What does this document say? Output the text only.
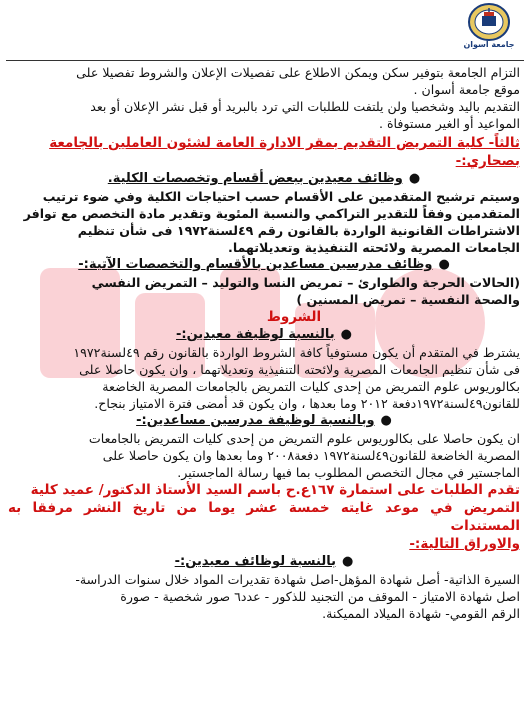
جامعة أسوان

التزام الجامعة بتوفير سكن ويمكن الاطلاع على تفصيلات الإعلان والشروط تفصيلا على

موقع جامعة أسوان .

التقديم باليد وشخصيا ولن يلتفت للطلبات التي ترد بالبريد أو قبل نشر الإعلان أو بعد

المواعيد أو الغير مستوفاة .

ثالثاً- كلية التمريض التقديم بمقر الادارة العامة لشئون العاملين بالجامعة

بصحاري:-

●وظائف معيدين ببعض أقسام وتخصصات الكلية.

وسيتم ترشيح المتقدمين على الأقسام حسب احتياجات الكلية وفي ضوء ترتيب

المتقدمين وفقاً للتقدير التراكمي والنسبة المئوية وتقدير مادة التخصص مع توافر

الاشتراطات القانونية الواردة بالقانون رقم ٤٩لسنة١٩٧٢ فى شأن تنظيم

الجامعات المصرية ولائحته التنفيذية وتعديلاتهما.

●وظائف مدرسين مساعدين بالأقسام والتخصصات الآتية:-

(الحالات الحرجة والطوارئ – تمريض النسا والتوليد – التمريض النفسي

والصحة النفسية – تمريض المسنين )

الشروط

●بالنسبة لوظيفة معيدين:-

يشترط في المتقدم أن يكون مستوفياً كافة الشروط الواردة بالقانون رقم ٤٩لسنة١٩٧٢

فى شأن تنظيم الجامعات المصرية ولائحته التنفيذية وتعديلاتهما ، وان يكون حاصلا على

بكالوريوس علوم التمريض من إحدى كليات التمريض بالجامعات المصرية الخاضعة

للقانون٤٩لسنة١٩٧٢دفعة ٢٠١٢ وما بعدها ، وان يكون قد أمضى فترة الامتياز بنجاح.

●وبالنسبة لوظيفة مدرسين مساعدين:-

ان يكون حاصلا على بكالوريوس علوم التمريض من إحدى كليات التمريض بالجامعات

المصرية الخاضعة للقانون٤٩لسنة١٩٧٢ دفعة٢٠٠٨ وما بعدها وان يكون حاصلا على

الماجستير في مجال التخصص المطلوب بما فيها رسالة الماجستير.

تقدم الطلبات على استمارة ١٦٧ع.ح باسم السيد الأستاذ الدكتور/ عميد كلية

التمريض في موعد غايته خمسة عشر يوما من تاريخ النشر مرفقا به المستندات

والاوراق التالية:-

●بالنسبة لوظائف معيدين:-

السيرة الذاتية- أصل شهادة المؤهل-اصل شهادة تقديرات المواد خلال سنوات الدراسة-

اصل شهادة الامتياز - الموقف من التجنيد للذكور - عدد٦ صور شخصية - صورة

الرقم القومي- شهادة الميلاد المميكنة.
